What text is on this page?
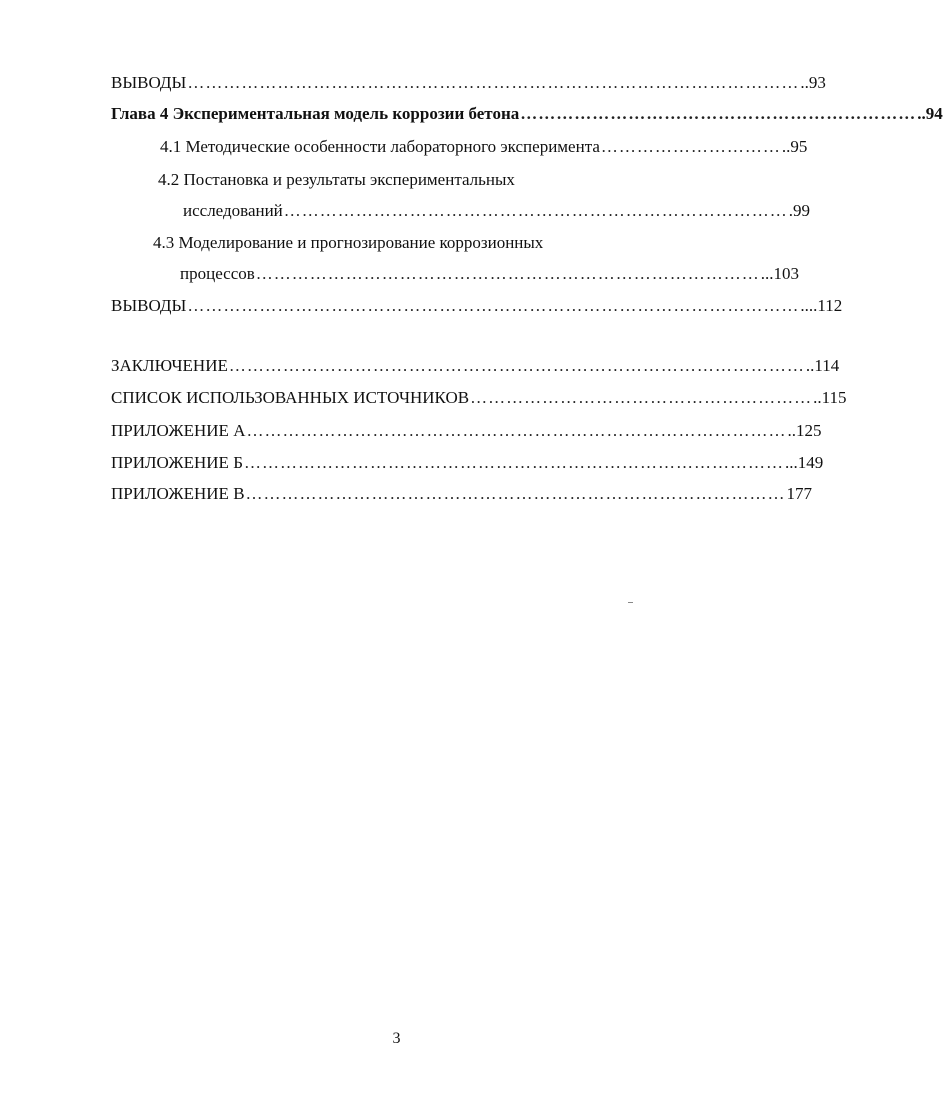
ВЫВОДЫ ………………………………………………………………………………………… ..93
Глава 4 Экспериментальная модель коррозии бетона ………………………………………………………… ..94
4.1 Методические особенности лабораторного эксперимента ………………………… ..95
4.2 Постановка и результаты экспериментальных
исследований ………………………………………………………………………… .99
4.3 Моделирование и прогнозирование коррозионных
процессов ………………………………………………………………………… ...103
ВЫВОДЫ ………………………………………………………………………………………… ....112
ЗАКЛЮЧЕНИЕ …………………………………………………………………………………… ..114
СПИСОК ИСПОЛЬЗОВАННЫХ ИСТОЧНИКОВ ………………………………………………… ..115
ПРИЛОЖЕНИЕ А ……………………………………………………………………………… ..125
ПРИЛОЖЕНИЕ Б ……………………………………………………………………………… ...149
ПРИЛОЖЕНИЕ В ……………………………………………………………………………… 177
3
